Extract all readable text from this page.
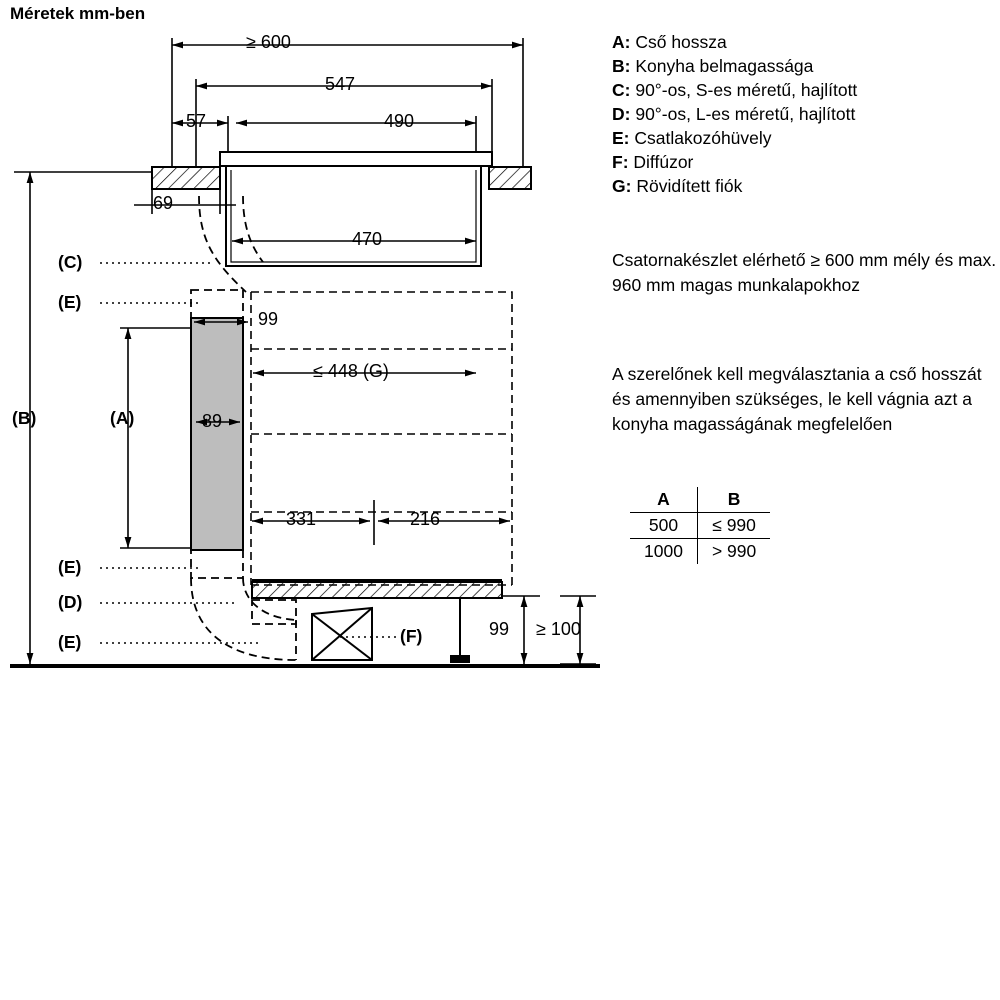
Méretek mm-ben
≥ 600
547
57	490
69
470
99
≤ 448 (G)
89
331	216
99 ≥ 100
(B)	(A)
(C)
(E)
(E)
(D)
(E)	(F)
A: Cső hossza
B: Konyha belmagassága
C: 90°-os, S-es méretű, hajlított
D: 90°-os, L-es méretű, hajlított
E: Csatlakozóhüvely
F: Diffúzor
G: Rövidített fiók
Csatornakészlet elérhető ≥ 600 mm mély és max. 960 mm magas munkalapokhoz
A szerelőnek kell megválasztania a cső hosszát és amennyiben szükséges, le kell vágnia azt a konyha magasságának megfelelően
A	B
500	≤ 990
1000	> 990
